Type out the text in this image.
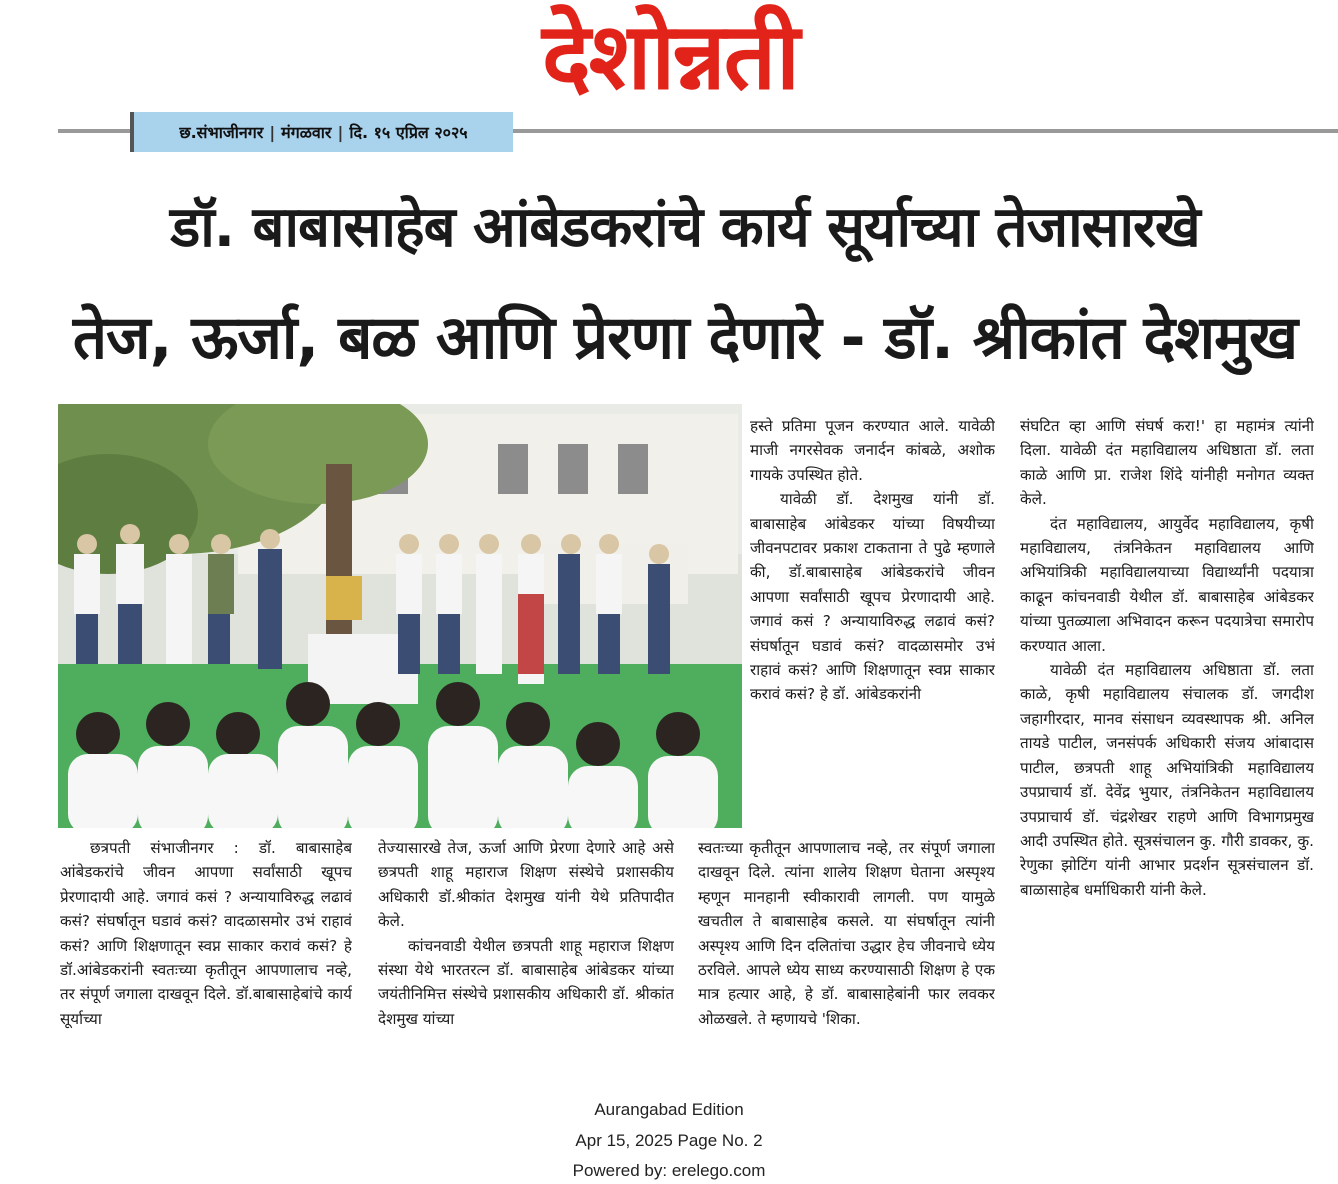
देशोन्नती
छ.संभाजीनगर | मंगळवार | दि. १५ एप्रिल २०२५
डॉ. बाबासाहेब आंबेडकरांचे कार्य सूर्याच्या तेजासारखे
तेज, ऊर्जा, बळ आणि प्रेरणा देणारे - डॉ. श्रीकांत देशमुख

हस्ते प्रतिमा पूजन करण्यात आले. यावेळी माजी नगरसेवक जनार्दन कांबळे, अशोक गायके उपस्थित होते.

यावेळी डॉ. देशमुख यांनी डॉ. बाबासाहेब आंबेडकर यांच्या विषयीच्या जीवनपटावर प्रकाश टाकताना ते पुढे म्हणाले की, डॉ.बाबासाहेब आंबेडकरांचे जीवन आपणा सर्वांसाठी खूपच प्रेरणादायी आहे. जगावं कसं ? अन्यायाविरुद्ध लढावं कसं? संघर्षातून घडावं कसं? वादळासमोर उभं राहावं कसं? आणि शिक्षणातून स्वप्न साकार करावं कसं? हे डॉ. आंबेडकरांनी

संघटित व्हा आणि संघर्ष करा!' हा महामंत्र त्यांनी दिला. यावेळी दंत महाविद्यालय अधिष्ठाता डॉ. लता काळे आणि प्रा. राजेश शिंदे यांनीही मनोगत व्यक्त केले.

दंत महाविद्यालय, आयुर्वेद महाविद्यालय, कृषी महाविद्यालय, तंत्रनिकेतन महाविद्यालय आणि अभियांत्रिकी महाविद्यालयाच्या विद्यार्थ्यांनी पदयात्रा काढून कांचनवाडी येथील डॉ. बाबासाहेब आंबेडकर यांच्या पुतळ्याला अभिवादन करून पदयात्रेचा समारोप करण्यात आला.

यावेळी दंत महाविद्यालय अधिष्ठाता डॉ. लता काळे, कृषी महाविद्यालय संचालक डॉ. जगदीश जहागीरदार, मानव संसाधन व्यवस्थापक श्री. अनिल तायडे पाटील, जनसंपर्क अधिकारी संजय आंबादास पाटील, छत्रपती शाहू अभियांत्रिकी महाविद्यालय उपप्राचार्य डॉ. देवेंद्र भुयार, तंत्रनिकेतन महाविद्यालय उपप्राचार्य डॉ. चंद्रशेखर राहणे आणि विभागप्रमुख आदी उपस्थित होते. सूत्रसंचालन कु. गौरी डावकर, कु. रेणुका झोटिंग यांनी आभार प्रदर्शन सूत्रसंचालन डॉ. बाळासाहेब धर्माधिकारी यांनी केले.

छत्रपती संभाजीनगर : डॉ. बाबासाहेब आंबेडकरांचे जीवन आपणा सर्वांसाठी खूपच प्रेरणादायी आहे. जगावं कसं ? अन्यायाविरुद्ध लढावं कसं? संघर्षातून घडावं कसं? वादळासमोर उभं राहावं कसं? आणि शिक्षणातून स्वप्न साकार करावं कसं? हे डॉ.आंबेडकरांनी स्वतःच्या कृतीतून आपणालाच नव्हे, तर संपूर्ण जगाला दाखवून दिले. डॉ.बाबासाहेबांचे कार्य सूर्याच्या

तेज्यासारखे तेज, ऊर्जा आणि प्रेरणा देणारे आहे असे छत्रपती शाहू महाराज शिक्षण संस्थेचे प्रशासकीय अधिकारी डॉ.श्रीकांत देशमुख यांनी येथे प्रतिपादीत केले.

कांचनवाडी येथील छत्रपती शाहू महाराज शिक्षण संस्था येथे भारतरत्न डॉ. बाबासाहेब आंबेडकर यांच्या जयंतीनिमित्त संस्थेचे प्रशासकीय अधिकारी डॉ. श्रीकांत देशमुख यांच्या

स्वतःच्या कृतीतून आपणालाच नव्हे, तर संपूर्ण जगाला दाखवून दिले. त्यांना शालेय शिक्षण घेताना अस्पृश्य म्हणून मानहानी स्वीकारावी लागली. पण यामुळे खचतील ते बाबासाहेब कसले. या संघर्षातून त्यांनी अस्पृश्य आणि दिन दलितांचा उद्धार हेच जीवनाचे ध्येय ठरविले. आपले ध्येय साध्य करण्यासाठी शिक्षण हे एक मात्र हत्यार आहे, हे डॉ. बाबासाहेबांनी फार लवकर ओळखले. ते म्हणायचे 'शिका.

Aurangabad Edition
Apr 15, 2025 Page No. 2
Powered by: erelego.com
